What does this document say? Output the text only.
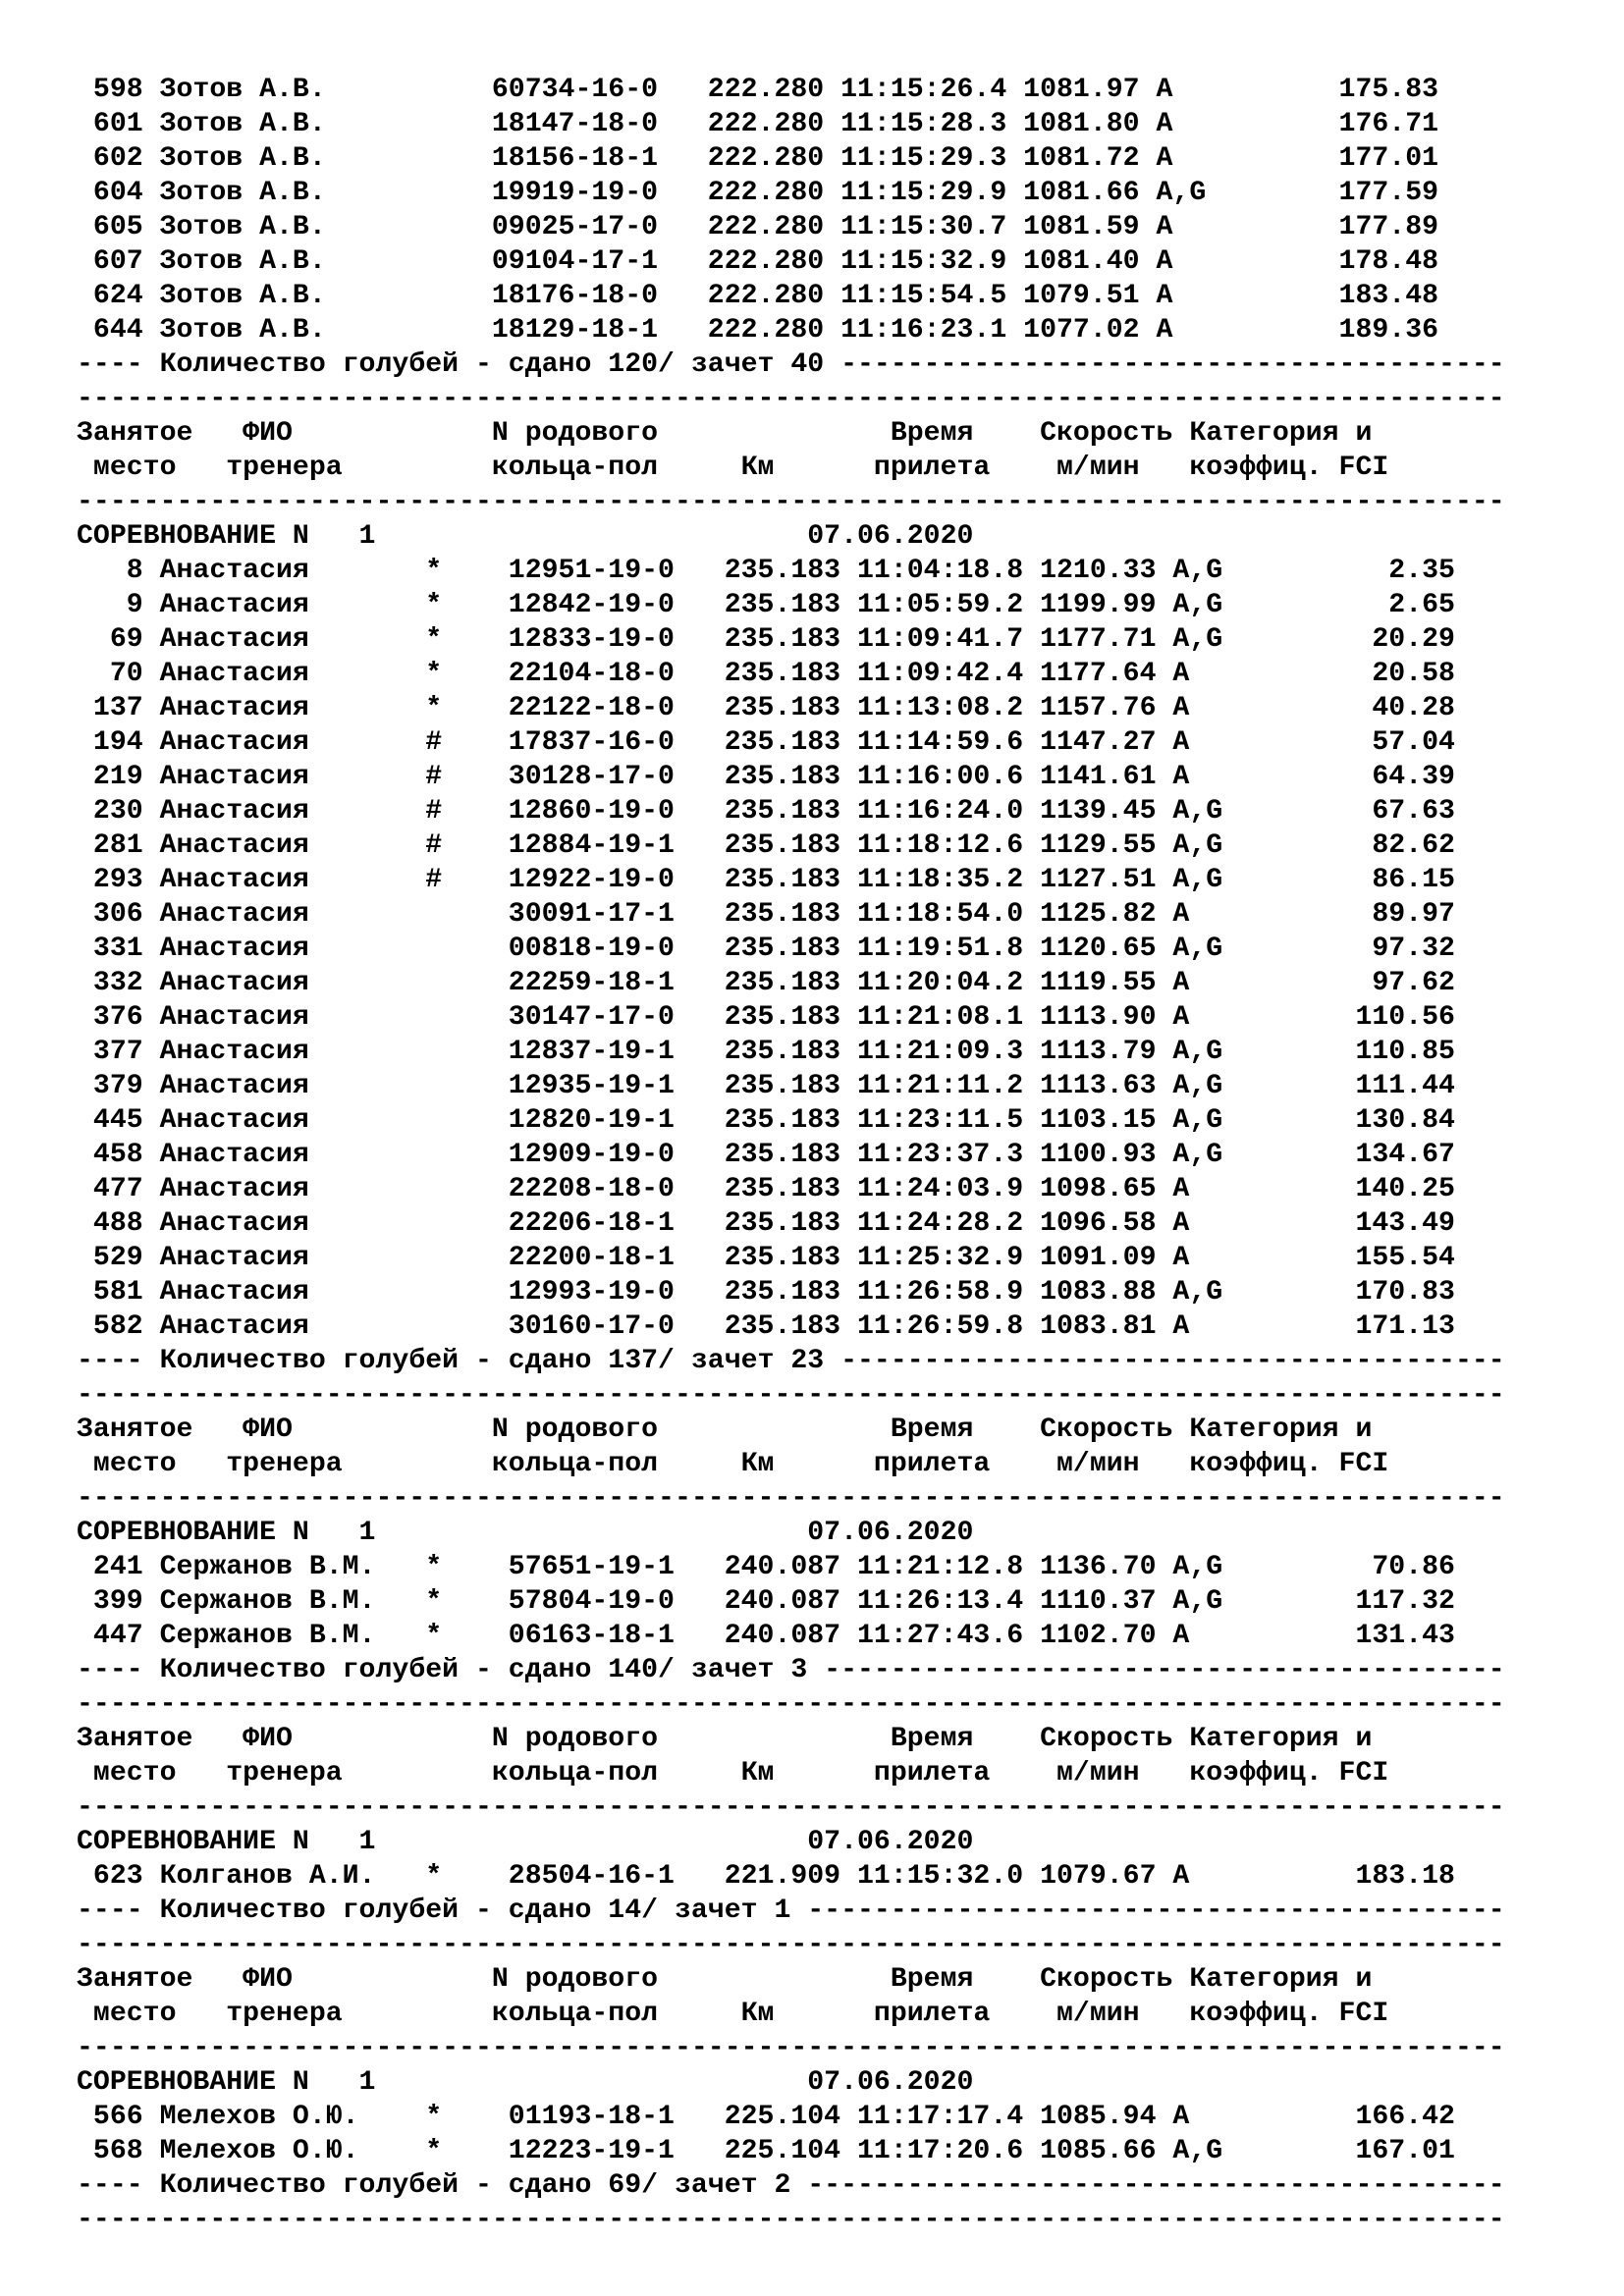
598 Зотов А.В.          60734-16-0   222.280 11:15:26.4 1081.97 A          175.83
601 Зотов А.В.          18147-18-0   222.280 11:15:28.3 1081.80 A          176.71
602 Зотов А.В.          18156-18-1   222.280 11:15:29.3 1081.72 A          177.01
604 Зотов А.В.          19919-19-0   222.280 11:15:29.9 1081.66 A,G        177.59
605 Зотов А.В.          09025-17-0   222.280 11:15:30.7 1081.59 A          177.89
607 Зотов А.В.          09104-17-1   222.280 11:15:32.9 1081.40 A          178.48
624 Зотов А.В.          18176-18-0   222.280 11:15:54.5 1079.51 A          183.48
644 Зотов А.В.          18129-18-1   222.280 11:16:23.1 1077.02 A          189.36
---- Количество голубей - сдано 120/ зачет 40 ----------------------------------------
--------------------------------------------------------------------------------------
Занятое   ФИО            N родового              Время    Скорость Категория и
место   тренера         кольца-пол     Км      прилета    м/мин   коэффиц. FCI
--------------------------------------------------------------------------------------
СОРЕВНОВАНИЕ N   1                          07.06.2020
8 Анастасия       *    12951-19-0   235.183 11:04:18.8 1210.33 A,G          2.35
9 Анастасия       *    12842-19-0   235.183 11:05:59.2 1199.99 A,G          2.65
69 Анастасия       *    12833-19-0   235.183 11:09:41.7 1177.71 A,G         20.29
70 Анастасия       *    22104-18-0   235.183 11:09:42.4 1177.64 A           20.58
137 Анастасия       *    22122-18-0   235.183 11:13:08.2 1157.76 A           40.28
194 Анастасия       #    17837-16-0   235.183 11:14:59.6 1147.27 A           57.04
219 Анастасия       #    30128-17-0   235.183 11:16:00.6 1141.61 A           64.39
230 Анастасия       #    12860-19-0   235.183 11:16:24.0 1139.45 A,G         67.63
281 Анастасия       #    12884-19-1   235.183 11:18:12.6 1129.55 A,G         82.62
293 Анастасия       #    12922-19-0   235.183 11:18:35.2 1127.51 A,G         86.15
306 Анастасия            30091-17-1   235.183 11:18:54.0 1125.82 A           89.97
331 Анастасия            00818-19-0   235.183 11:19:51.8 1120.65 A,G         97.32
332 Анастасия            22259-18-1   235.183 11:20:04.2 1119.55 A           97.62
376 Анастасия            30147-17-0   235.183 11:21:08.1 1113.90 A          110.56
377 Анастасия            12837-19-1   235.183 11:21:09.3 1113.79 A,G        110.85
379 Анастасия            12935-19-1   235.183 11:21:11.2 1113.63 A,G        111.44
445 Анастасия            12820-19-1   235.183 11:23:11.5 1103.15 A,G        130.84
458 Анастасия            12909-19-0   235.183 11:23:37.3 1100.93 A,G        134.67
477 Анастасия            22208-18-0   235.183 11:24:03.9 1098.65 A          140.25
488 Анастасия            22206-18-1   235.183 11:24:28.2 1096.58 A          143.49
529 Анастасия            22200-18-1   235.183 11:25:32.9 1091.09 A          155.54
581 Анастасия            12993-19-0   235.183 11:26:58.9 1083.88 A,G        170.83
582 Анастасия            30160-17-0   235.183 11:26:59.8 1083.81 A          171.13
---- Количество голубей - сдано 137/ зачет 23 ----------------------------------------
--------------------------------------------------------------------------------------
Занятое   ФИО            N родового              Время    Скорость Категория и
место   тренера         кольца-пол     Км      прилета    м/мин   коэффиц. FCI
--------------------------------------------------------------------------------------
СОРЕВНОВАНИЕ N   1                          07.06.2020
241 Сержанов В.М.   *    57651-19-1   240.087 11:21:12.8 1136.70 A,G         70.86
399 Сержанов В.М.   *    57804-19-0   240.087 11:26:13.4 1110.37 A,G        117.32
447 Сержанов В.М.   *    06163-18-1   240.087 11:27:43.6 1102.70 A          131.43
---- Количество голубей - сдано 140/ зачет 3 -----------------------------------------
--------------------------------------------------------------------------------------
Занятое   ФИО            N родового              Время    Скорость Категория и
место   тренера         кольца-пол     Км      прилета    м/мин   коэффиц. FCI
--------------------------------------------------------------------------------------
СОРЕВНОВАНИЕ N   1                          07.06.2020
623 Колганов А.И.   *    28504-16-1   221.909 11:15:32.0 1079.67 A          183.18
---- Количество голубей - сдано 14/ зачет 1 ------------------------------------------
--------------------------------------------------------------------------------------
Занятое   ФИО            N родового              Время    Скорость Категория и
место   тренера         кольца-пол     Км      прилета    м/мин   коэффиц. FCI
--------------------------------------------------------------------------------------
СОРЕВНОВАНИЕ N   1                          07.06.2020
566 Мелехов О.Ю.    *    01193-18-1   225.104 11:17:17.4 1085.94 A          166.42
568 Мелехов О.Ю.    *    12223-19-1   225.104 11:17:20.6 1085.66 A,G        167.01
---- Количество голубей - сдано 69/ зачет 2 ------------------------------------------
--------------------------------------------------------------------------------------
